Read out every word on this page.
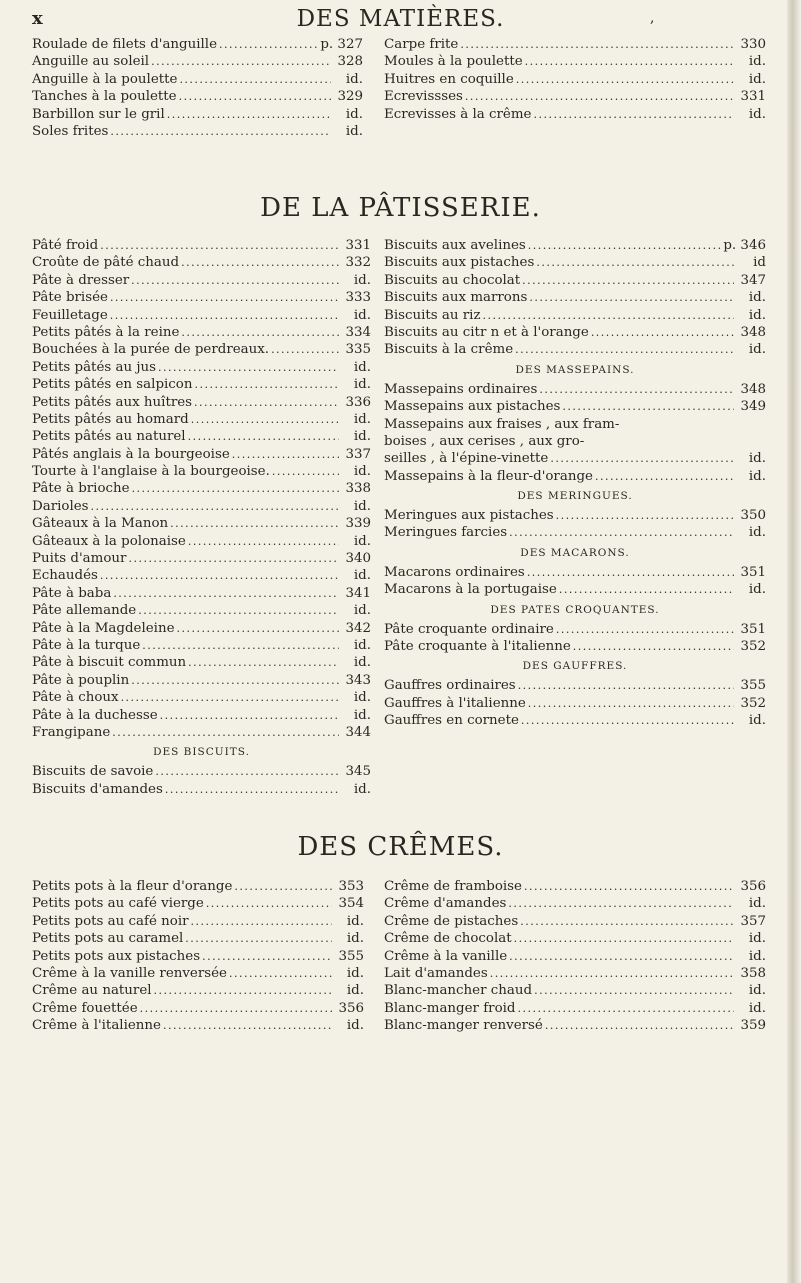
x	DES MATIÈRES.	,
Roulade de filets d'anguille .....	p. 327
Anguille au soleil .....	328
Anguille à la poulette .....	id.
Tanches à la poulette .....	329
Barbillon sur le gril .....	id.
Soles frites .....	id.
Carpe frite .....	330
Moules à la poulette .....	id.
Huitres en coquille .....	id.
Ecrevissses .....	331
Ecrevisses à la crême .....	id.
DE LA PÂTISSERIE.
Pâté froid .....	331
Croûte de pâté chaud .....	332
Pâte à dresser .....	id.
Pâte brisée .....	333
Feuilletage .....	id.
Petits pâtés à la reine .....	334
Bouchées à la purée de perdreaux. .....	335
Petits pâtés au jus .....	id.
Petits pâtés en salpicon .....	id.
Petits pâtés aux huîtres .....	336
Petits pâtés au homard .....	id.
Petits pâtés au naturel .....	id.
Pâtés anglais à la bourgeoise .....	337
Tourte à l'anglaise à la bourgeoise. .....	id.
Pâte à brioche .....	338
Darioles .....	id.
Gâteaux à la Manon .....	339
Gâteaux à la polonaise .....	id.
Puits d'amour .....	340
Echaudés .....	id.
Pâte à baba .....	341
Pâte allemande .....	id.
Pâte à la Magdeleine .....	342
Pâte à la turque .....	id.
Pâte à biscuit commun .....	id.
Pâte à pouplin .....	343
Pâte à choux .....	id.
Pâte à la duchesse .....	id.
Frangipane .....	344
DES BISCUITS.
Biscuits de savoie .....	345
Biscuits d'amandes .....	id.
Biscuits aux avelines .....	p. 346
Biscuits aux pistaches .....	id
Biscuits au chocolat .....	347
Biscuits aux marrons .....	id.
Biscuits au riz .....	id.
Biscuits au citr n et à l'orange .....	348
Biscuits à la crême .....	id.
DES MASSEPAINS.
Massepains ordinaires .....	348
Massepains aux pistaches .....	349
Massepains aux fraises , aux fram-
boises , aux cerises , aux gro-
seilles , à l'épine-vinette .....	id.
Massepains à la fleur-d'orange .....	id.
DES MERINGUES.
Meringues aux pistaches .....	350
Meringues farcies .....	id.
DES MACARONS.
Macarons ordinaires .....	351
Macarons à la portugaise .....	id.
DES PATES CROQUANTES.
Pâte croquante ordinaire .....	351
Pâte croquante à l'italienne .....	352
DES GAUFFRES.
Gauffres ordinaires .....	355
Gauffres à l'italienne .....	352
Gauffres en cornete .....	id.
DES CRÊMES.
Petits pots à la fleur d'orange .....	353
Petits pots au café vierge .....	354
Petits pots au café noir .....	id.
Petits pots au caramel .....	id.
Petits pots aux pistaches .....	355
Crême à la vanille renversée .....	id.
Crême au naturel .....	id.
Crême fouettée .....	356
Crême à l'italienne .....	id.
Crême de framboise .....	356
Crême d'amandes .....	id.
Crême de pistaches .....	357
Crême de chocolat .....	id.
Crême à la vanille .....	id.
Lait d'amandes .....	358
Blanc-mancher chaud .....	id.
Blanc-manger froid .....	id.
Blanc-manger renversé .....	359
